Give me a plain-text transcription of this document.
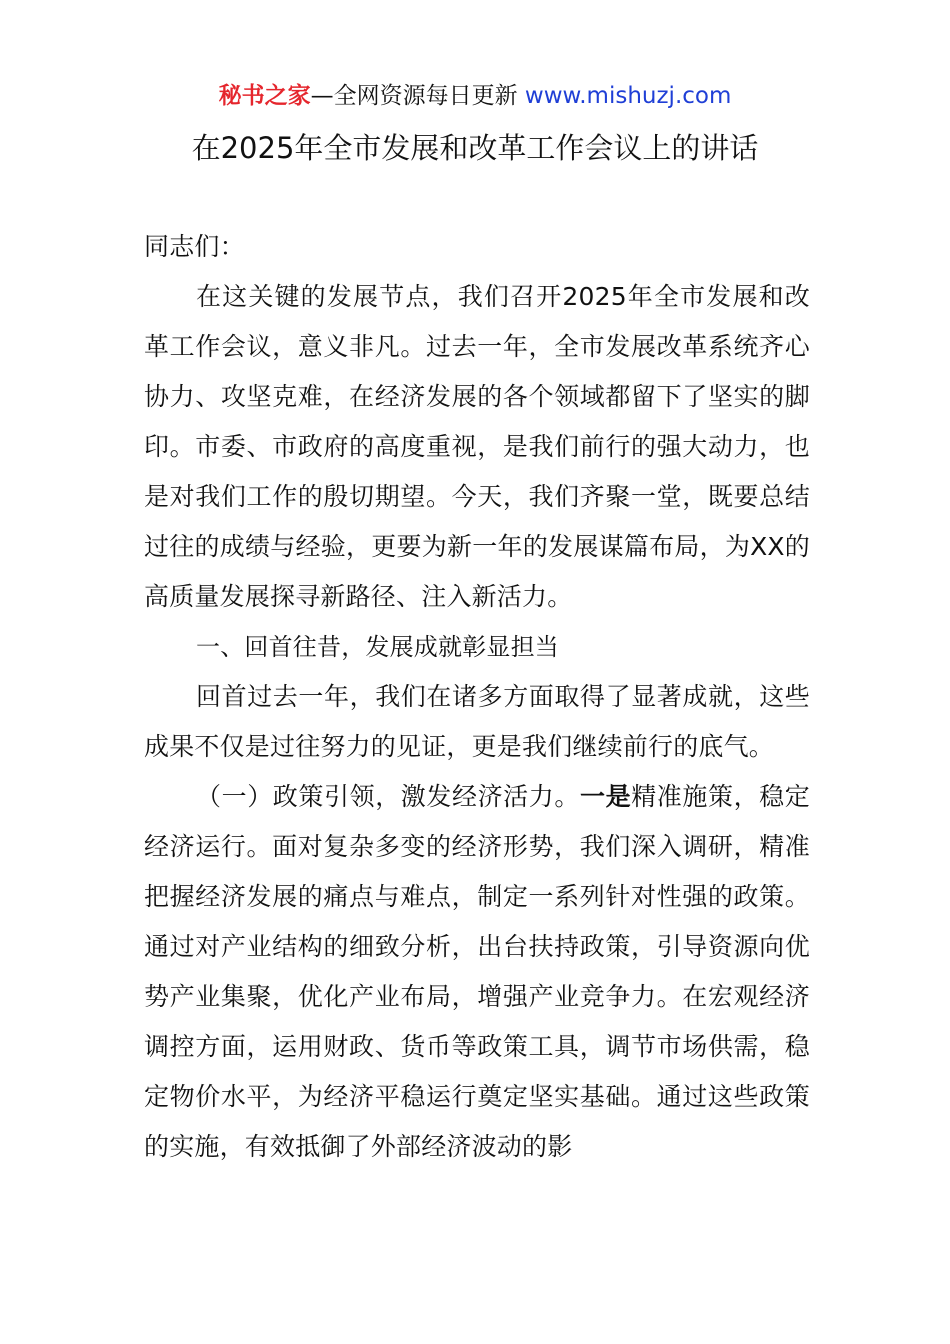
秘书之家—全网资源每日更新 www.mishuzj.com
在2025年全市发展和改革工作会议上的讲话

同志们：

在这关键的发展节点，我们召开2025年全市发展和改革工作会议，意义非凡。过去一年，全市发展改革系统齐心协力、攻坚克难，在经济发展的各个领域都留下了坚实的脚印。市委、市政府的高度重视，是我们前行的强大动力，也是对我们工作的殷切期望。今天，我们齐聚一堂，既要总结过往的成绩与经验，更要为新一年的发展谋篇布局，为XX的高质量发展探寻新路径、注入新活力。

一、回首往昔，发展成就彰显担当

回首过去一年，我们在诸多方面取得了显著成就，这些成果不仅是过往努力的见证，更是我们继续前行的底气。

（一）政策引领，激发经济活力。一是精准施策，稳定经济运行。面对复杂多变的经济形势，我们深入调研，精准把握经济发展的痛点与难点，制定一系列针对性强的政策。通过对产业结构的细致分析，出台扶持政策，引导资源向优势产业集聚，优化产业布局，增强产业竞争力。在宏观经济调控方面，运用财政、货币等政策工具，调节市场供需，稳定物价水平，为经济平稳运行奠定坚实基础。通过这些政策的实施，有效抵御了外部经济波动的影
